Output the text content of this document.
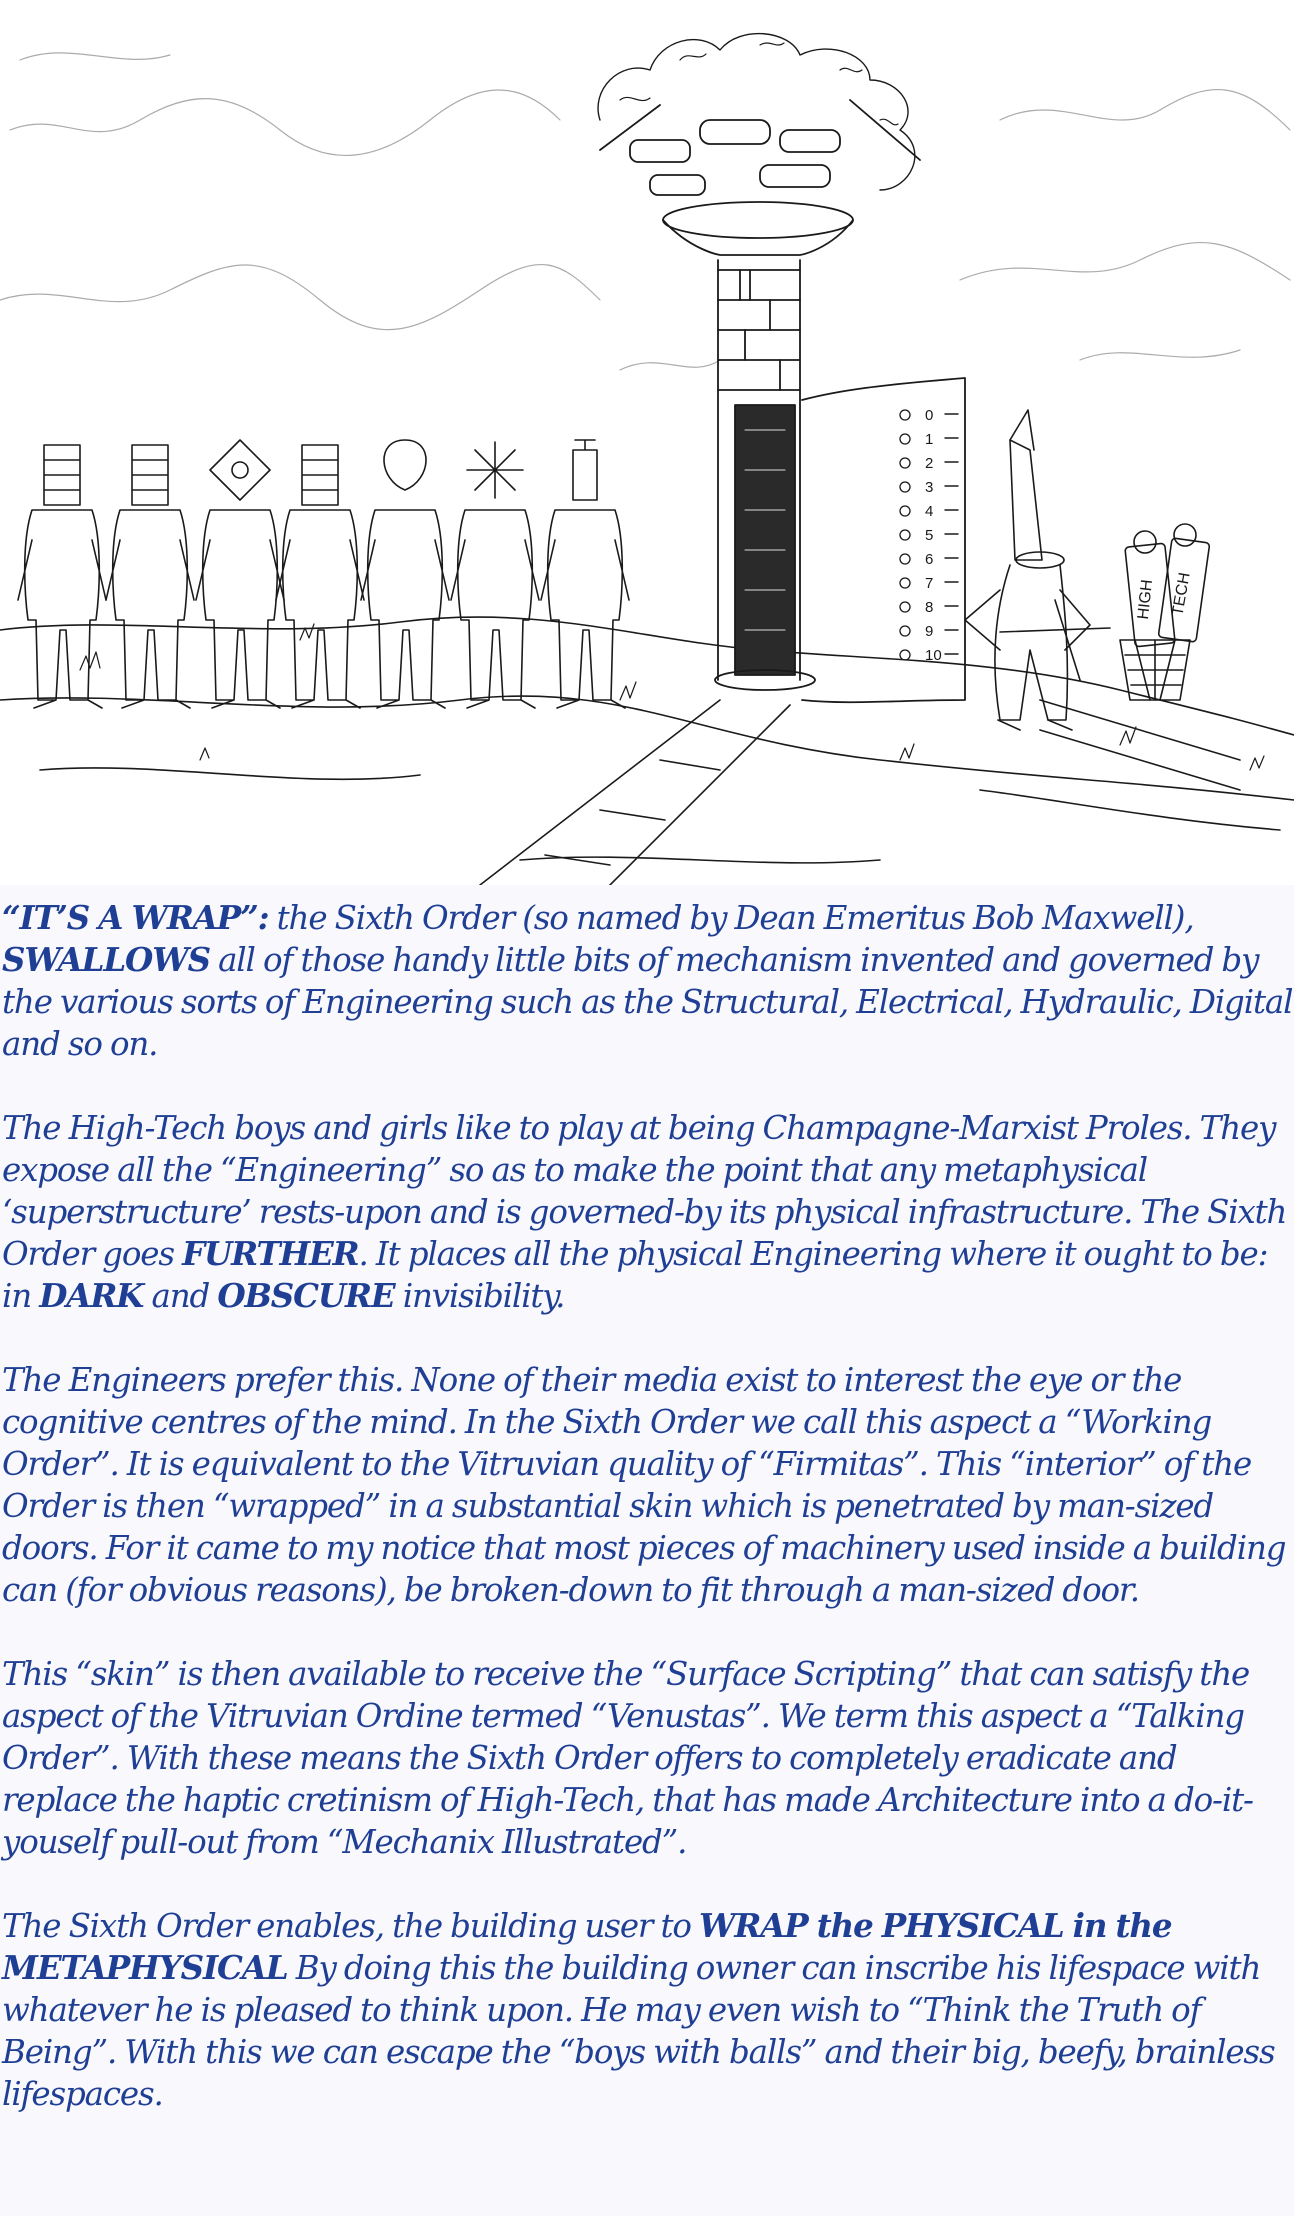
0
1
2
3
4
5
6
7
8
9
10
HIGH TECH

“IT’S A WRAP”: the Sixth Order (so named by Dean Emeritus Bob Maxwell), SWALLOWS all of those handy little bits of mechanism invented and governed by the various sorts of Engineering such as the Structural, Electrical, Hydraulic, Digital and so on.

The High-Tech boys and girls like to play at being Champagne-Marxist Proles. They expose all the “Engineering” so as to make the point that any metaphysical ‘superstructure’ rests-upon and is governed-by its physical infrastructure. The Sixth Order goes FURTHER. It places all the physical Engineering where it ought to be: in DARK and OBSCURE invisibility.

The Engineers prefer this. None of their media exist to interest the eye or the cognitive centres of the mind. In the Sixth Order we call this aspect a “Working Order”. It is equivalent to the Vitruvian quality of “Firmitas”. This “interior” of the Order is then “wrapped” in a substantial skin which is penetrated by man-sized doors. For it came to my notice that most pieces of machinery used inside a building can (for obvious reasons), be broken-down to fit through a man-sized door.

This “skin” is then available to receive the “Surface Scripting” that can satisfy the aspect of the Vitruvian Ordine termed “Venustas”. We term this aspect a “Talking Order”. With these means the Sixth Order offers to completely eradicate and replace the haptic cretinism of High-Tech, that has made Architecture into a do-it-youself pull-out from “Mechanix Illustrated”.

The Sixth Order enables, the building user to WRAP the PHYSICAL in the METAPHYSICAL By doing this the building owner can inscribe his lifespace with whatever he is pleased to think upon. He may even wish to “Think the Truth of Being”. With this we can escape the “boys with balls” and their big, beefy, brainless lifespaces.
